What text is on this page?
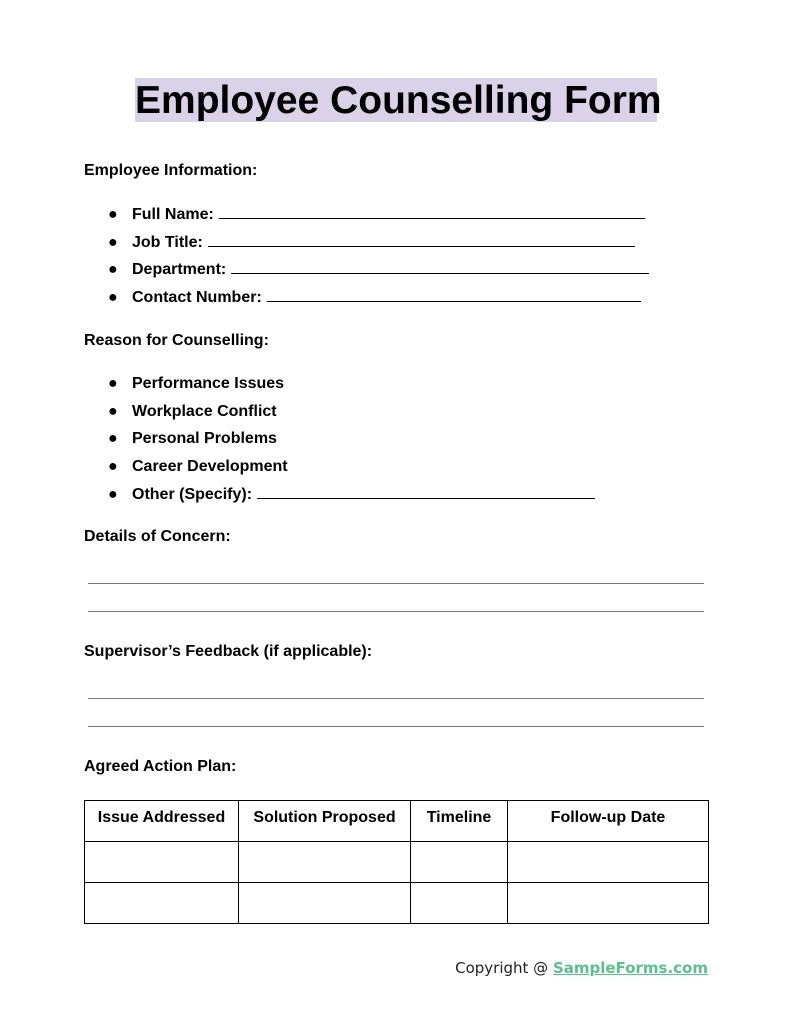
Employee Counselling Form
Employee Information:
● Full Name:
● Job Title:
● Department:
● Contact Number:
Reason for Counselling:
● Performance Issues
● Workplace Conflict
● Personal Problems
● Career Development
● Other (Specify):
Details of Concern:
Supervisor’s Feedback (if applicable):
Agreed Action Plan:
Issue Addressed	Solution Proposed	Timeline	Follow-up Date

Copyright @ SampleForms.com
